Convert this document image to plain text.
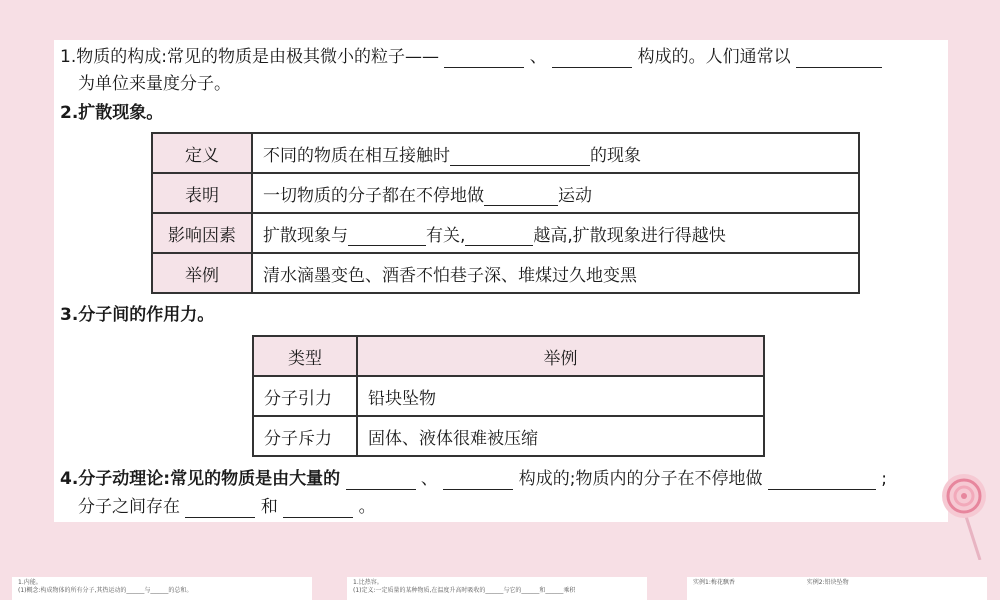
1.物质的构成:常见的物质是由极其微小的粒子——	、	构成的。人们通常以
为单位来量度分子。
2.扩散现象。
定义	不同的物质在相互接触时 的现象
表明	一切物质的分子都在不停地做 运动
影响因素	扩散现象与 有关, 越高,扩散现象进行得越快
举例	清水滴墨变色、酒香不怕巷子深、堆煤过久地变黑
3.分子间的作用力。
类型	举例
分子引力	铅块坠物
分子斥力	固体、液体很难被压缩
4.分子动理论:常见的物质是由大量的	、	构成的;物质内的分子在不停地做	;
分子之间存在	和	。
1.内能。
(1)概念:构成物体的所有分子,其热运动的______与______的总和。
1.比热容。
(1)定义:一定质量的某种物质,在温度升高时吸收的______与它的______和______乘积
实例1:梅花飘香	实例2:铅块坠物
